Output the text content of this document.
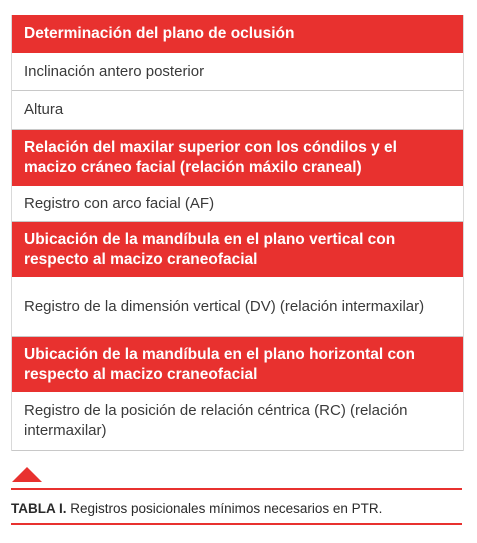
Determinación del plano de oclusión
Inclinación antero posterior
Altura
Relación del maxilar superior con los cóndilos y el macizo cráneo facial (relación máxilo craneal)
Registro con arco facial (AF)
Ubicación de la mandíbula en el plano vertical con respecto al macizo craneofacial
Registro de la dimensión vertical (DV) (relación intermaxilar)
Ubicación de la mandíbula en el plano horizontal con respecto al macizo craneofacial
Registro de la posición de relación céntrica (RC) (relación intermaxilar)
TABLA I. Registros posicionales mínimos necesarios en PTR.
